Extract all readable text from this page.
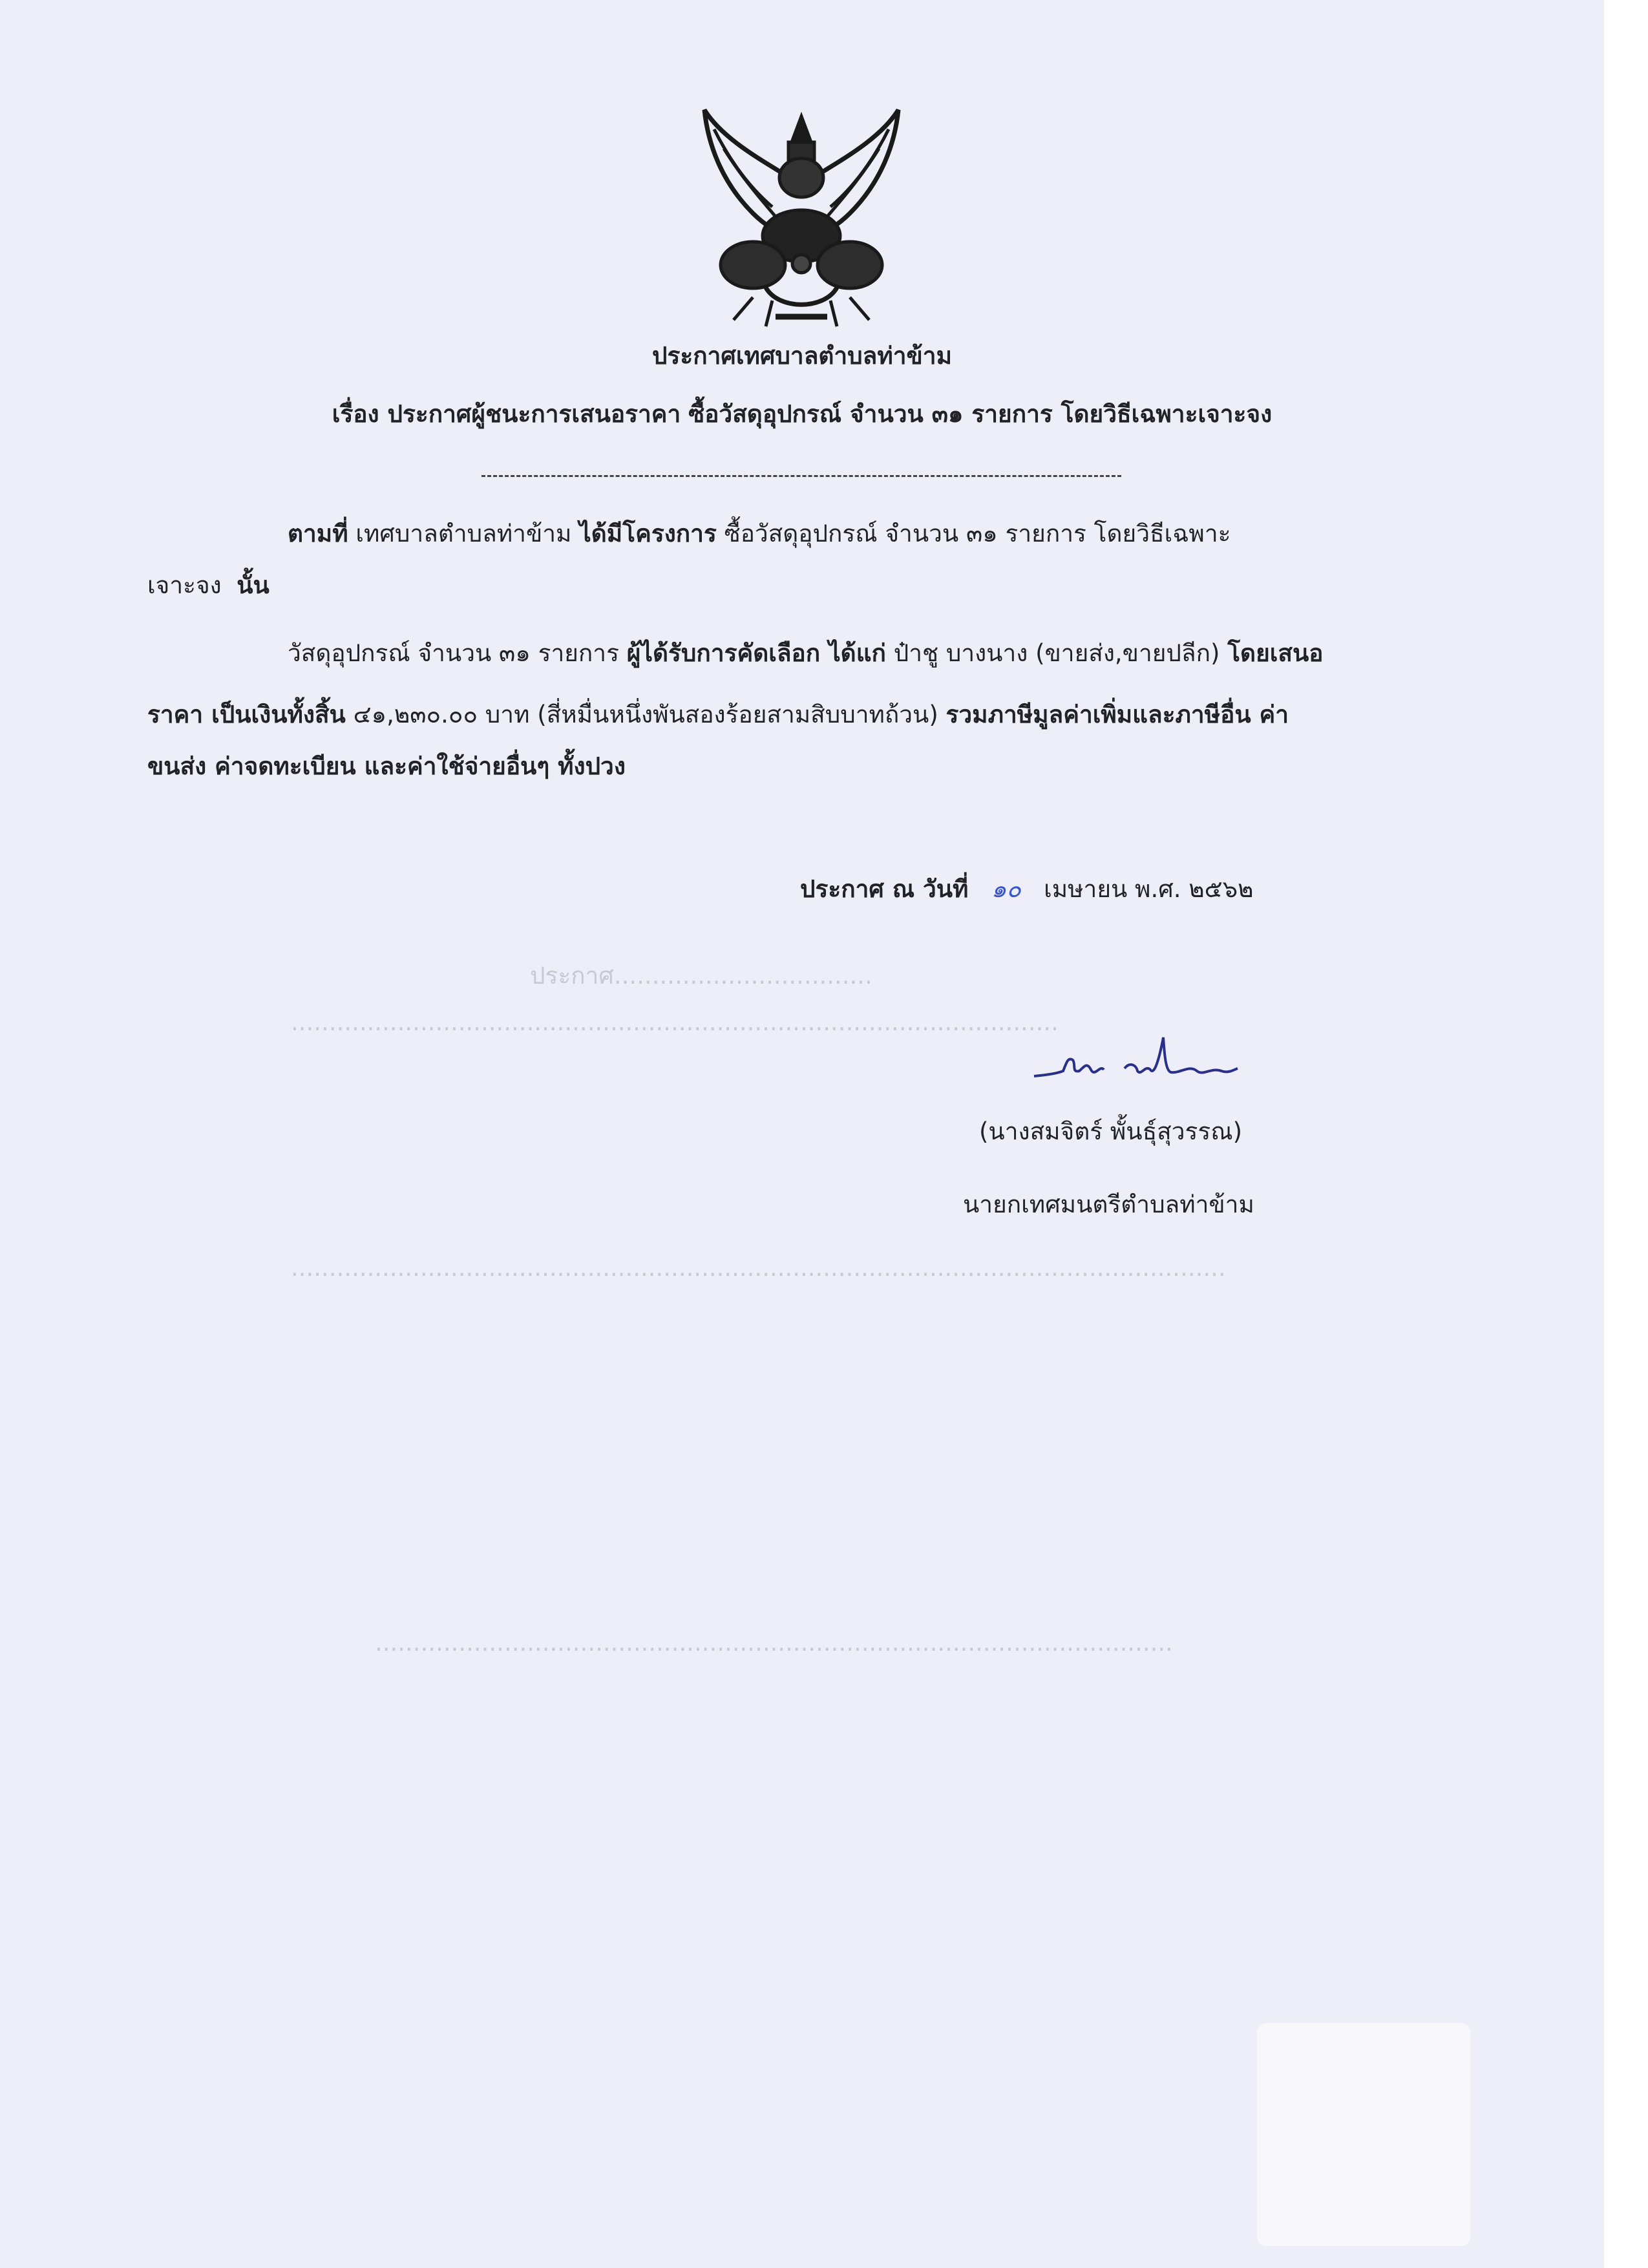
ประกาศ..................................
.....................................................................................................
...........................................................................................................................
.........................................................................................................
ประกาศเทศบาลตำบลท่าข้าม
เรื่อง ประกาศผู้ชนะการเสนอราคา ซื้อวัสดุอุปกรณ์ จำนวน ๓๑ รายการ โดยวิธีเฉพาะเจาะจง
ตามที่ เทศบาลตำบลท่าข้าม ได้มีโครงการ ซื้อวัสดุอุปกรณ์ จำนวน ๓๑ รายการ โดยวิธีเฉพาะ
เจาะจง นั้น
วัสดุอุปกรณ์ จำนวน ๓๑ รายการ ผู้ได้รับการคัดเลือก ได้แก่ ป๋าชู บางนาง (ขายส่ง,ขายปลีก) โดยเสนอ
ราคา เป็นเงินทั้งสิ้น ๔๑,๒๓๐.๐๐ บาท (สี่หมื่นหนึ่งพันสองร้อยสามสิบบาทถ้วน) รวมภาษีมูลค่าเพิ่มและภาษีอื่น ค่า
ขนส่ง ค่าจดทะเบียน และค่าใช้จ่ายอื่นๆ ทั้งปวง
ประกาศ ณ วันที่ ๑๐ เมษายน พ.ศ. ๒๕๖๒
(นางสมจิตร์ พั้นธุ์สุวรรณ)
นายกเทศมนตรีตำบลท่าข้าม
